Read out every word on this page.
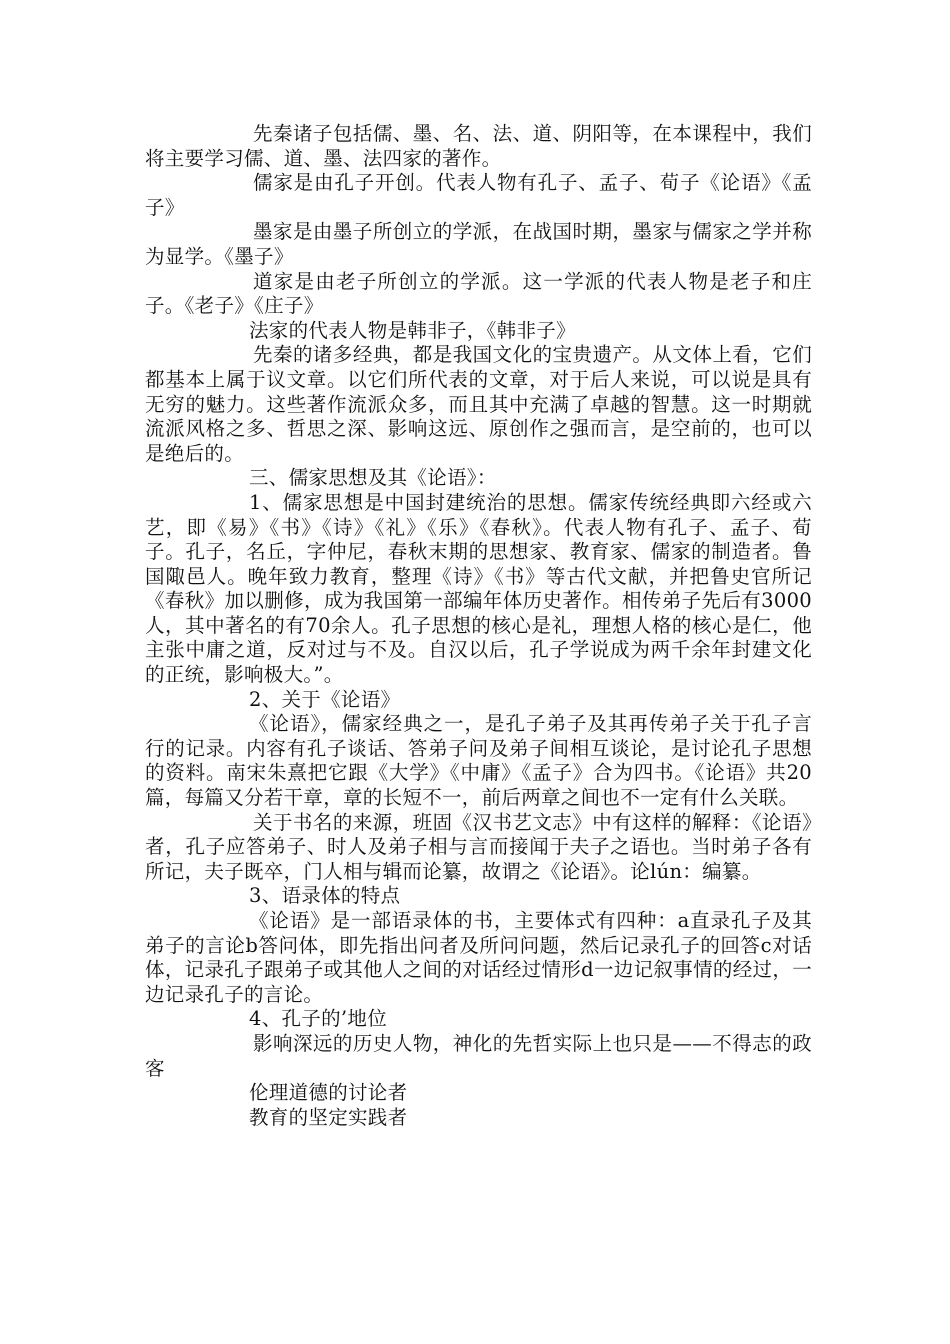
先秦诸子包括儒、墨、名、法、道、阴阳等，在本课程中，我们将主要学习儒、道、墨、法四家的著作。

儒家是由孔子开创。代表人物有孔子、孟子、荀子《论语》《孟子》

墨家是由墨子所创立的学派，在战国时期，墨家与儒家之学并称为显学。《墨子》

道家是由老子所创立的学派。这一学派的代表人物是老子和庄子。《老子》《庄子》

法家的代表人物是韩非子，《韩非子》

先秦的诸多经典，都是我国文化的宝贵遗产。从文体上看，它们都基本上属于议文章。以它们所代表的文章，对于后人来说，可以说是具有无穷的魅力。这些著作流派众多，而且其中充满了卓越的智慧。这一时期就流派风格之多、哲思之深、影响这远、原创作之强而言，是空前的，也可以是绝后的。

三、儒家思想及其《论语》：

1、儒家思想是中国封建统治的思想。儒家传统经典即六经或六艺，即《易》《书》《诗》《礼》《乐》《春秋》。代表人物有孔子、孟子、荀子。孔子，名丘，字仲尼，春秋末期的思想家、教育家、儒家的制造者。鲁国陬邑人。晚年致力教育，整理《诗》《书》等古代文献，并把鲁史官所记《春秋》加以删修，成为我国第一部编年体历史著作。相传弟子先后有3000人，其中著名的有70余人。孔子思想的核心是礼，理想人格的核心是仁，他主张中庸之道，反对过与不及。自汉以后，孔子学说成为两千余年封建文化的正统，影响极大。”。

2、关于《论语》

《论语》，儒家经典之一，是孔子弟子及其再传弟子关于孔子言行的记录。内容有孔子谈话、答弟子问及弟子间相互谈论，是讨论孔子思想的资料。南宋朱熹把它跟《大学》《中庸》《孟子》合为四书。《论语》共20篇，每篇又分若干章，章的长短不一，前后两章之间也不一定有什么关联。

关于书名的来源，班固《汉书艺文志》中有这样的解释：《论语》者，孔子应答弟子、时人及弟子相与言而接闻于夫子之语也。当时弟子各有所记，夫子既卒，门人相与辑而论纂，故谓之《论语》。论lún：编纂。

3、语录体的特点

《论语》是一部语录体的书，主要体式有四种：a直录孔子及其弟子的言论b答问体，即先指出问者及所问问题，然后记录孔子的回答c对话体，记录孔子跟弟子或其他人之间的对话经过情形d一边记叙事情的经过，一边记录孔子的言论。

4、孔子的’地位

影响深远的历史人物，神化的先哲实际上也只是——不得志的政客

伦理道德的讨论者

教育的坚定实践者
